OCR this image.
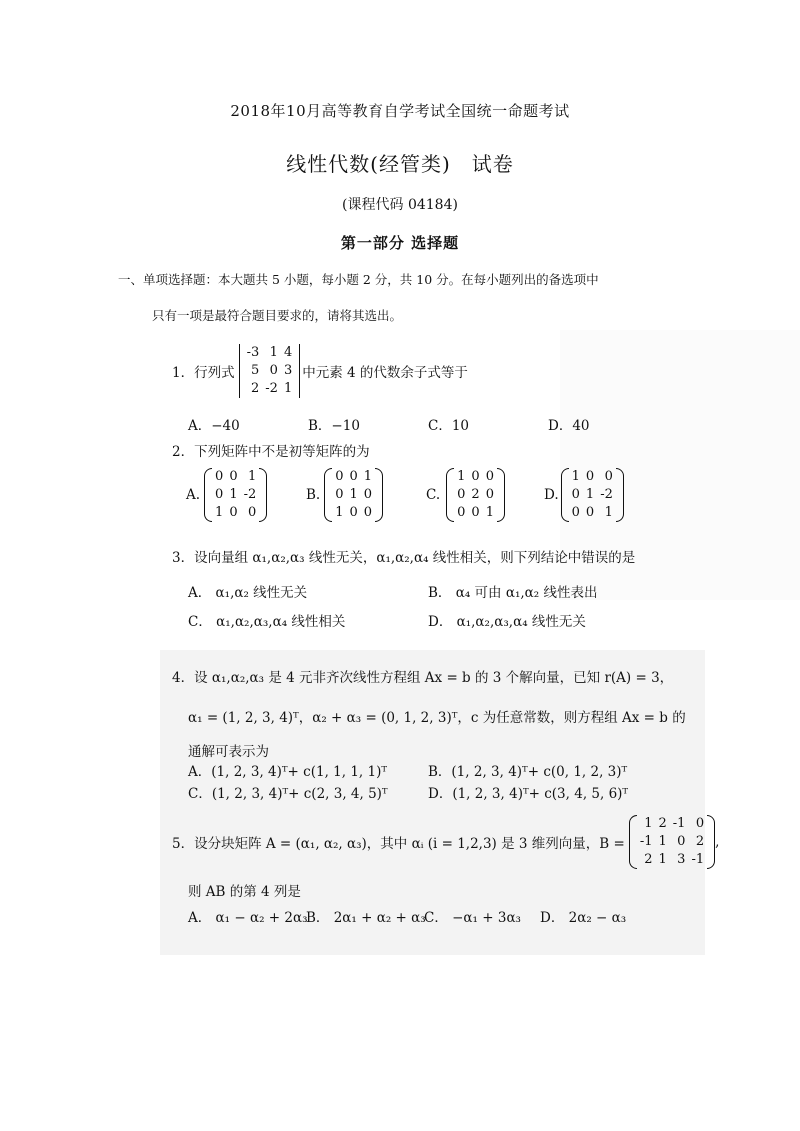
2018年10月高等教育自学考试全国统一命题考试
线性代数(经管类)　试卷
(课程代码 04184)
第一部分 选择题
一、单项选择题：本大题共 5 小题，每小题 2 分，共 10 分。在每小题列出的备选项中
只有一项是最符合题目要求的，请将其选出。
1．行列式
-3	1	4
5	0	3
2	-2	1
中元素 4 的代数余子式等于
A．−40	B．−10	C．10	D．40
2．下列矩阵中不是初等矩阵的为
A.
0	0	1
0	1	-2
1	0	0
B.
0	0	1
0	1	0
1	0	0
C.
1	0	0
0	2	0
0	0	1
D.
1	0	0
0	1	-2
0	0	1
3．设向量组 α₁,α₂,α₃ 线性无关，α₁,α₂,α₄ 线性相关，则下列结论中错误的是
A． α₁,α₂ 线性无关	B． α₄ 可由 α₁,α₂ 线性表出
C． α₁,α₂,α₃,α₄ 线性相关	D． α₁,α₂,α₃,α₄ 线性无关
4．设 α₁,α₂,α₃ 是 4 元非齐次线性方程组 Ax = b 的 3 个解向量，已知 r(A) = 3，
α₁ = (1, 2, 3, 4)ᵀ，α₂ + α₃ = (0, 1, 2, 3)ᵀ，c 为任意常数，则方程组 Ax = b 的
通解可表示为
A．(1, 2, 3, 4)ᵀ+ c(1, 1, 1, 1)ᵀ	B．(1, 2, 3, 4)ᵀ+ c(0, 1, 2, 3)ᵀ
C．(1, 2, 3, 4)ᵀ+ c(2, 3, 4, 5)ᵀ	D．(1, 2, 3, 4)ᵀ+ c(3, 4, 5, 6)ᵀ
5．设分块矩阵 A = (α₁, α₂, α₃)，其中 αᵢ (i = 1,2,3) 是 3 维列向量，B =
1	2	-1	0
-1	1	0	2
2	1	3	-1
,
则 AB 的第 4 列是
A． α₁ − α₂ + 2α₃
B． 2α₁ + α₂ + α₃
C． −α₁ + 3α₃ D． 2α₂ − α₃
